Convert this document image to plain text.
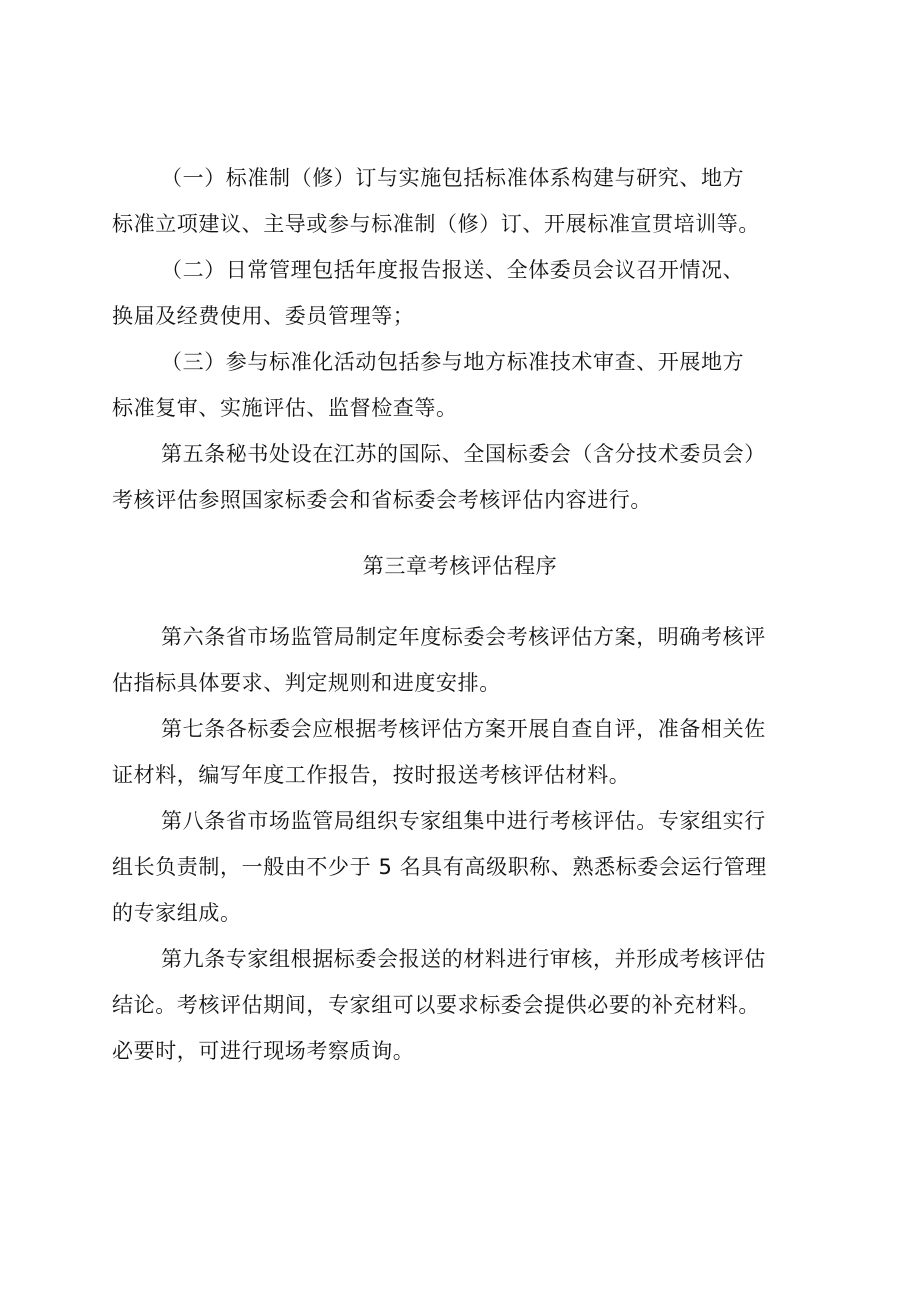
（一）标准制（修）订与实施包括标准体系构建与研究、地方
标准立项建议、主导或参与标准制（修）订、开展标准宣贯培训等。
（二）日常管理包括年度报告报送、全体委员会议召开情况、
换届及经费使用、委员管理等；
（三）参与标准化活动包括参与地方标准技术审查、开展地方
标准复审、实施评估、监督检查等。
第五条秘书处设在江苏的国际、全国标委会（含分技术委员会）
考核评估参照国家标委会和省标委会考核评估内容进行。
第三章考核评估程序
第六条省市场监管局制定年度标委会考核评估方案，明确考核评
估指标具体要求、判定规则和进度安排。
第七条各标委会应根据考核评估方案开展自查自评，准备相关佐
证材料，编写年度工作报告，按时报送考核评估材料。
第八条省市场监管局组织专家组集中进行考核评估。专家组实行
组长负责制，一般由不少于 5 名具有高级职称、熟悉标委会运行管理
的专家组成。
第九条专家组根据标委会报送的材料进行审核，并形成考核评估
结论。考核评估期间，专家组可以要求标委会提供必要的补充材料。
必要时，可进行现场考察质询。
